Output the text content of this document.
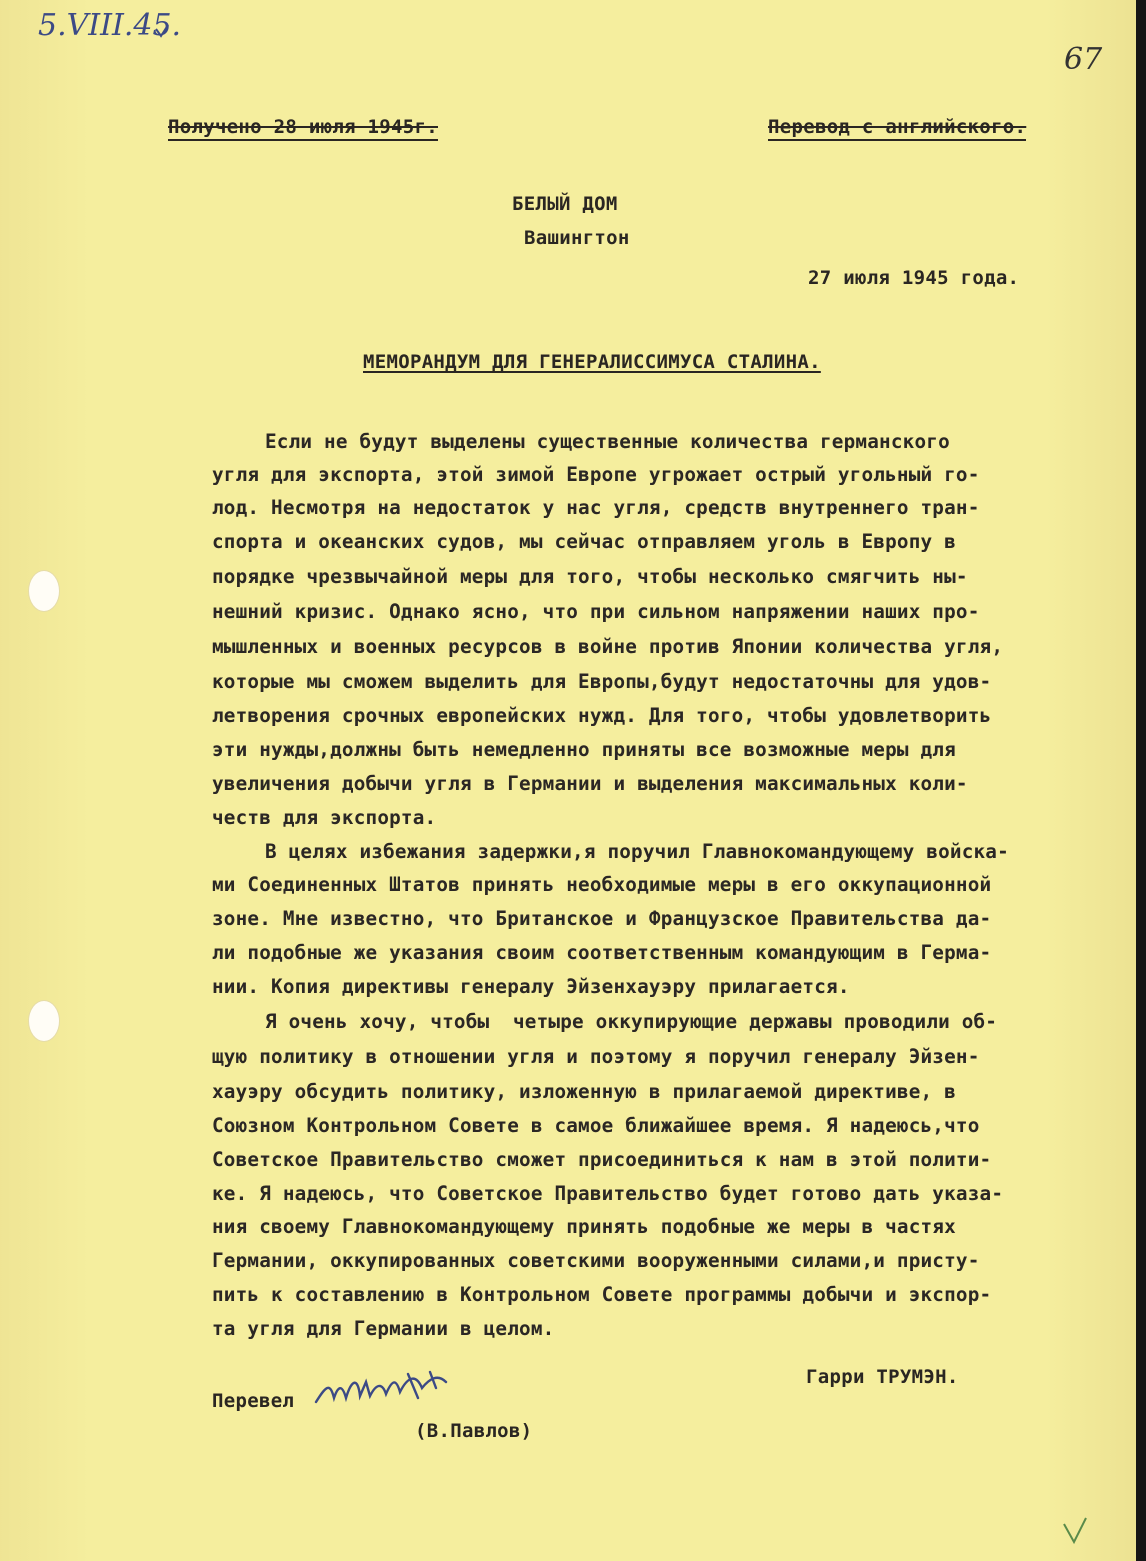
5.VIII.45.
67
Получено 28 июля 1945г.	Перевод с английского.
БЕЛЫЙ ДОМ
Вашингтон
27 июля 1945 года.
МЕМОРАНДУМ ДЛЯ ГЕНЕРАЛИССИМУСА СТАЛИНА.
Если не будут выделены существенные количества германского
угля для экспорта, этой зимой Европе угрожает острый угольный го-
лод. Несмотря на недостаток у нас угля, средств внутреннего тран-
спорта и океанских судов, мы сейчас отправляем уголь в Европу в
порядке чрезвычайной меры для того, чтобы несколько смягчить ны-
нешний кризис. Однако ясно, что при сильном напряжении наших про-
мышленных и военных ресурсов в войне против Японии количества угля,
которые мы сможем выделить для Европы,будут недостаточны для удов-
летворения срочных европейских нужд. Для того, чтобы удовлетворить
эти нужды,должны быть немедленно приняты все возможные меры для
увеличения добычи угля в Германии и выделения максимальных коли-
честв для экспорта.
В целях избежания задержки,я поручил Главнокомандующему войска-
ми Соединенных Штатов принять необходимые меры в его оккупационной
зоне. Мне известно, что Британское и Французское Правительства да-
ли подобные же указания своим соответственным командующим в Герма-
нии. Копия директивы генералу Эйзенхауэру прилагается.
Я очень хочу, чтобы  четыре оккупирующие державы проводили об-
щую политику в отношении угля и поэтому я поручил генералу Эйзен-
хауэру обсудить политику, изложенную в прилагаемой директиве, в
Союзном Контрольном Совете в самое ближайшее время. Я надеюсь,что
Советское Правительство сможет присоединиться к нам в этой полити-
ке. Я надеюсь, что Советское Правительство будет готово дать указа-
ния своему Главнокомандующему принять подобные же меры в частях
Германии, оккупированных советскими вооруженными силами,и присту-
пить к составлению в Контрольном Совете программы добычи и экспор-
та угля для Германии в целом.
Гарри ТРУМЭН.
Перевел
(В.Павлов)
